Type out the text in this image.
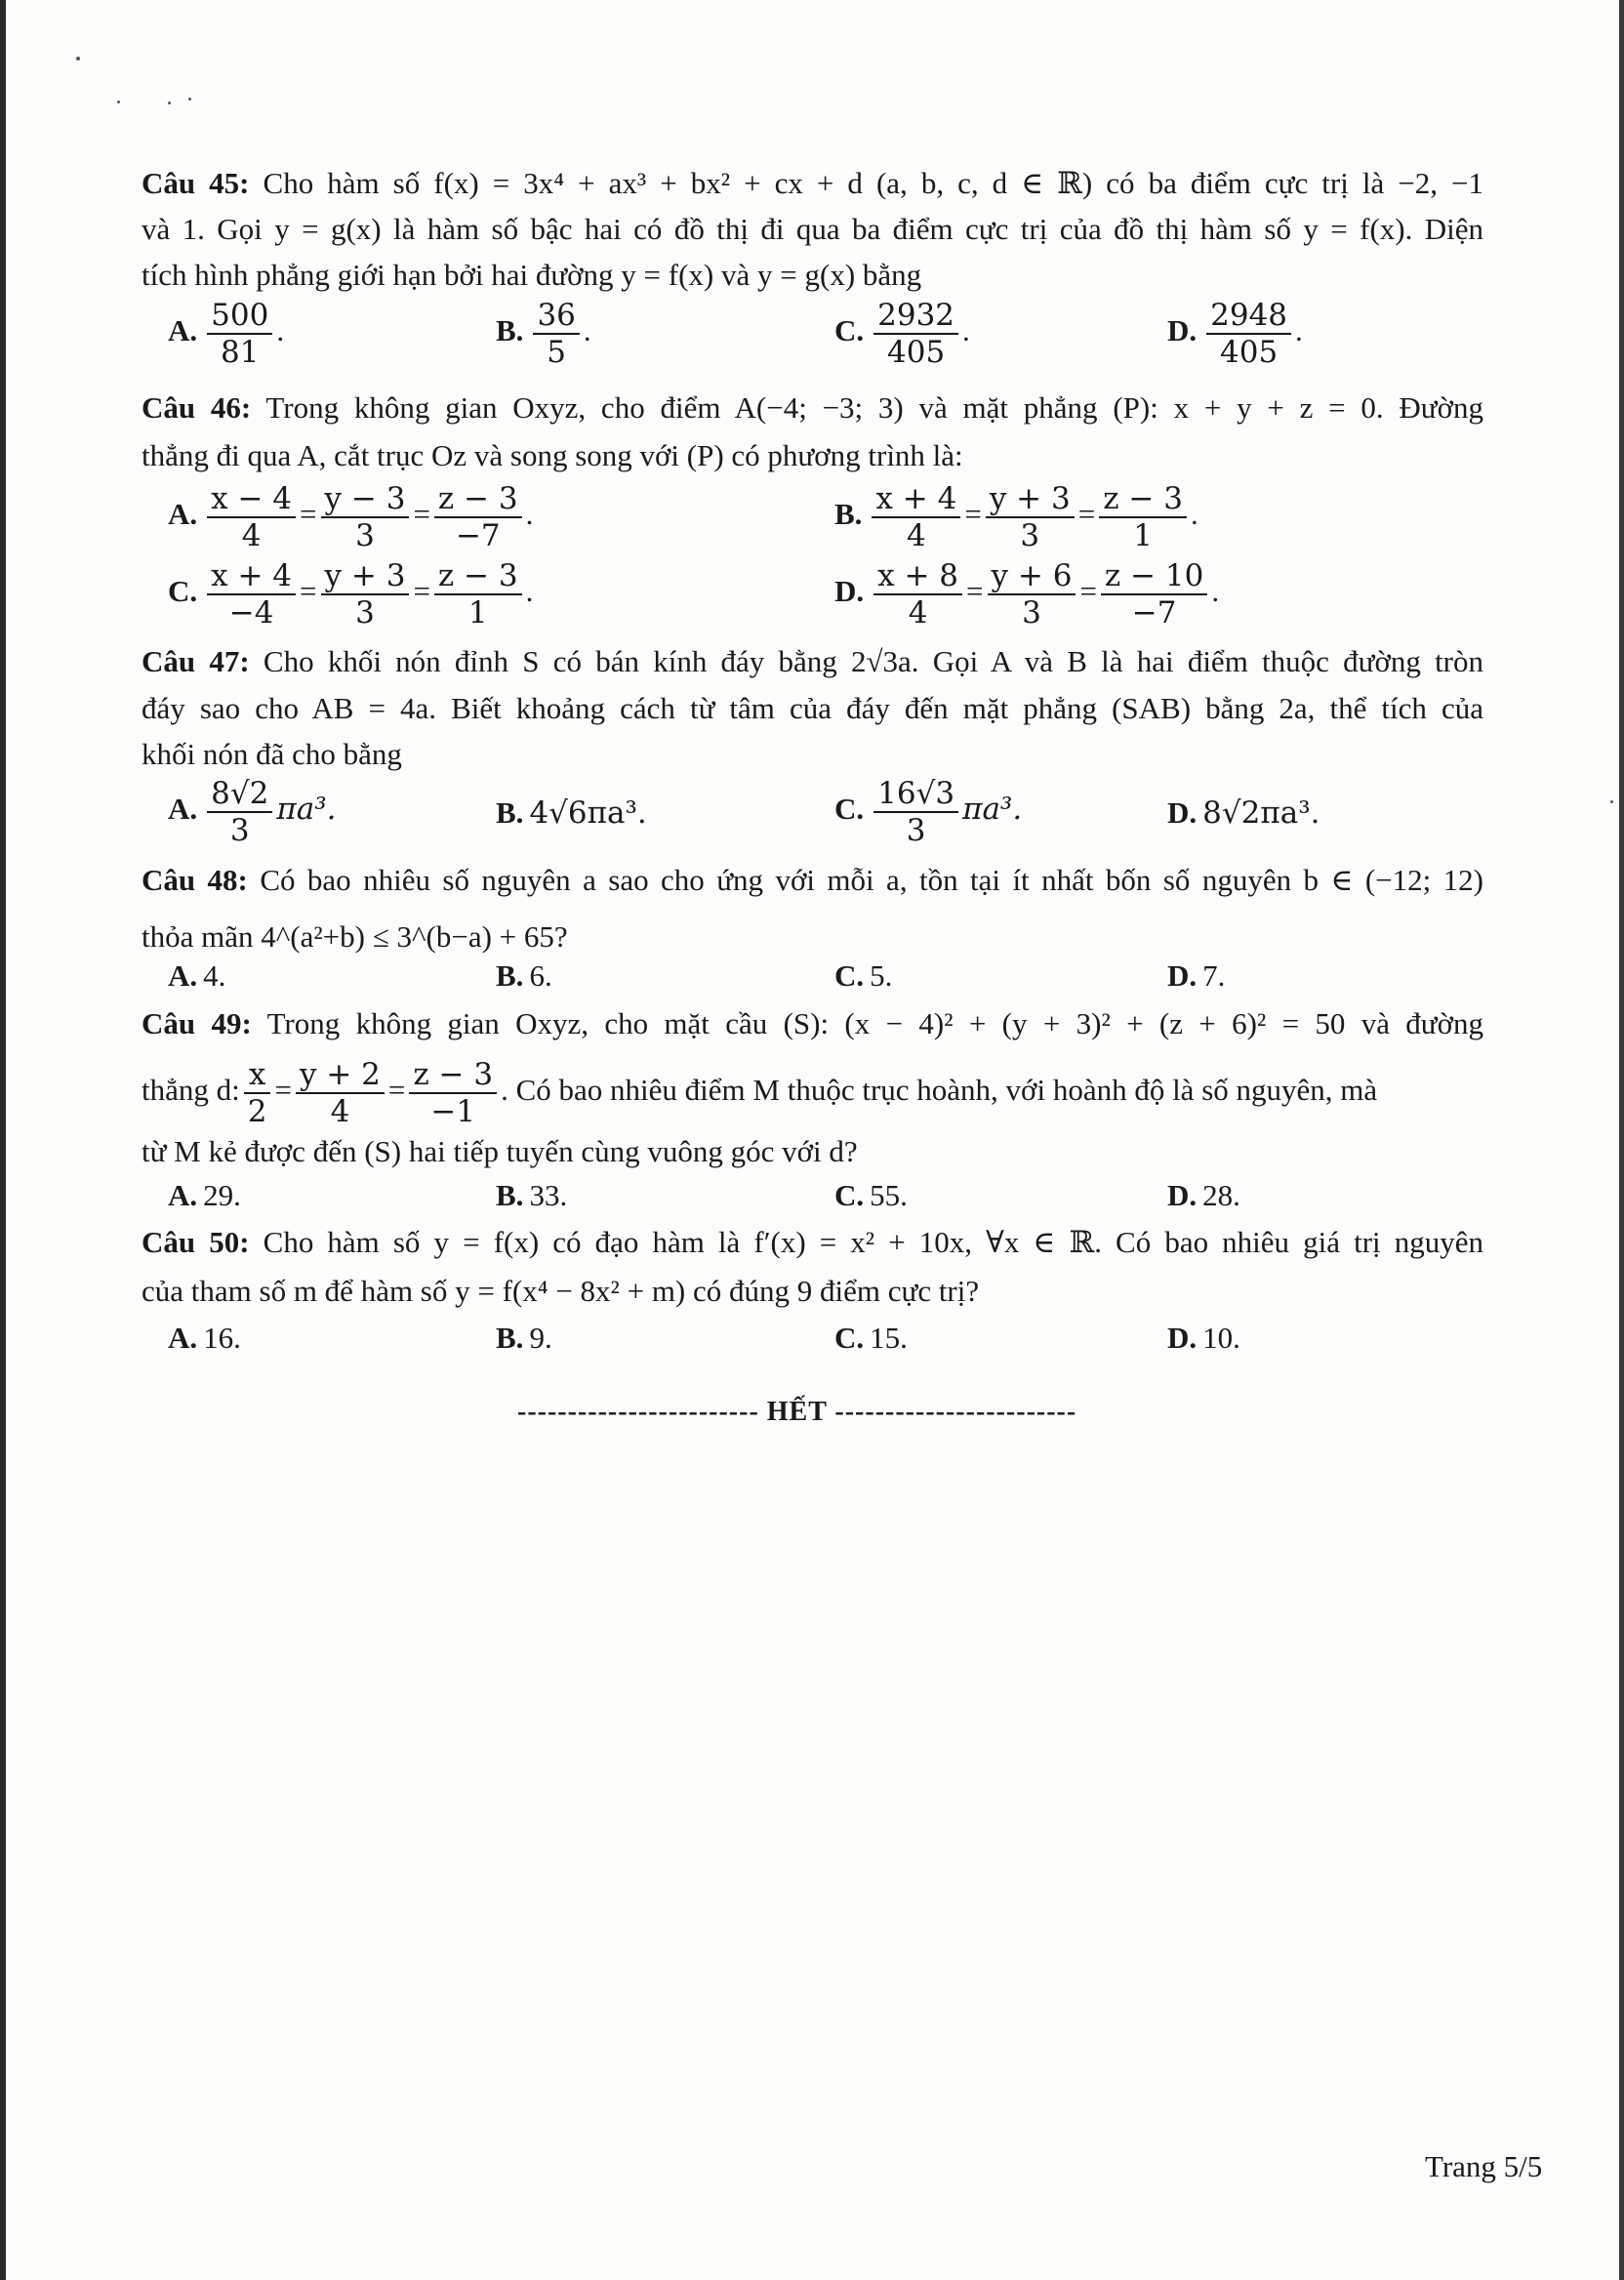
Câu 45: Cho hàm số f(x) = 3x⁴ + ax³ + bx² + cx + d (a, b, c, d ∈ ℝ) có ba điểm cực trị là −2, −1
và 1. Gọi y = g(x) là hàm số bậc hai có đồ thị đi qua ba điểm cực trị của đồ thị hàm số y = f(x). Diện
tích hình phẳng giới hạn bởi hai đường y = f(x) và y = g(x) bằng
A. $\frac{500}{81}$ .	B. $\frac{36}{5}$ .	C. $\frac{2932}{405}$ .	D. $\frac{2948}{405}$ .
Câu 46: Trong không gian Oxyz, cho điểm A(−4; −3; 3) và mặt phẳng (P): x + y + z = 0. Đường
thẳng đi qua A, cắt trục Oz và song song với (P) có phương trình là:
A. $\frac{x - 4}{4} = \frac{y - 3}{3} = \frac{z - 3}{-7}$ .	B. $\frac{x + 4}{4} = \frac{y + 3}{3} = \frac{z - 3}{1}$ .
C. $\frac{x + 4}{-4} = \frac{y + 3}{3} = \frac{z - 3}{1}$ .	D. $\frac{x + 8}{4} = \frac{y + 6}{3} = \frac{z - 10}{-7}$ .
Câu 47: Cho khối nón đỉnh S có bán kính đáy bằng 2√3a. Gọi A và B là hai điểm thuộc đường tròn
đáy sao cho AB = 4a. Biết khoảng cách từ tâm của đáy đến mặt phẳng (SAB) bằng 2a, thể tích của
khối nón đã cho bằng
A. $\frac{8√2}{3} \pi a^3$.	B. 4√6πa³.	C. $\frac{16√3}{3} \pi a^3$.	D. 8√2πa³.
Câu 48: Có bao nhiêu số nguyên a sao cho ứng với mỗi a, tồn tại ít nhất bốn số nguyên b ∈ (−12; 12)
thỏa mãn 4^(a²+b) ≤ 3^(b−a) + 65?
A. 4.	B. 6.	C. 5.	D. 7.
Câu 49: Trong không gian Oxyz, cho mặt cầu (S): (x − 4)² + (y + 3)² + (z + 6)² = 50 và đường
thẳng d: $\frac{x}{2} = \frac{y + 2}{4} = \frac{z - 3}{-1}$ . Có bao nhiêu điểm M thuộc trục hoành, với hoành độ là số nguyên, mà
từ M kẻ được đến (S) hai tiếp tuyến cùng vuông góc với d?
A. 29.	B. 33.	C. 55.	D. 28.
Câu 50: Cho hàm số y = f(x) có đạo hàm là f′(x) = x² + 10x, ∀x ∈ ℝ. Có bao nhiêu giá trị nguyên
của tham số m để hàm số y = f(x⁴ − 8x² + m) có đúng 9 điểm cực trị?
A. 16.	B. 9.	C. 15.	D. 10.
------------------------ HẾT ------------------------
Trang 5/5
